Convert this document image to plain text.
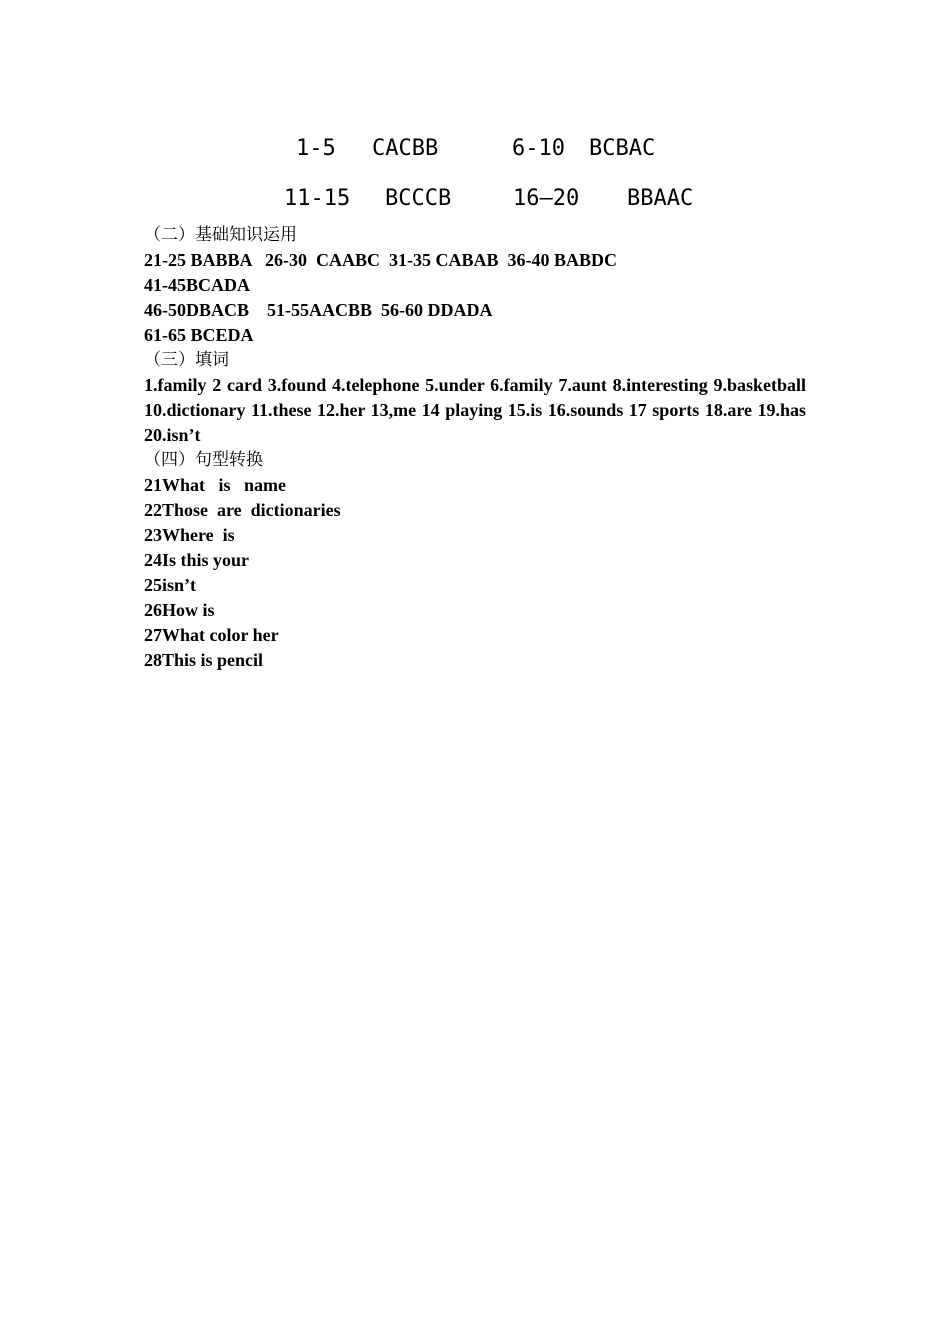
1-5 CACBB	6-10 BCBAC
11-15 BCCCB	16—20 BBAAC
（二）基础知识运用
21-25 BABBA   26-30  CAABC  31-35 CABAB  36-40 BABDC
41-45BCADA
46-50DBACB    51-55AACBB  56-60 DDADA
61-65 BCEDA
（三）填词
1.family 2 card 3.found 4.telephone 5.under 6.family 7.aunt 8.interesting 9.basketball 10.dictionary 11.these 12.her 13,me 14 playing 15.is 16.sounds 17 sports 18.are 19.has 20.isn’t
（四）句型转换
21What   is   name
22Those  are  dictionaries
23Where  is
24Is this your
25isn’t
26How is
27What color her
28This is pencil
